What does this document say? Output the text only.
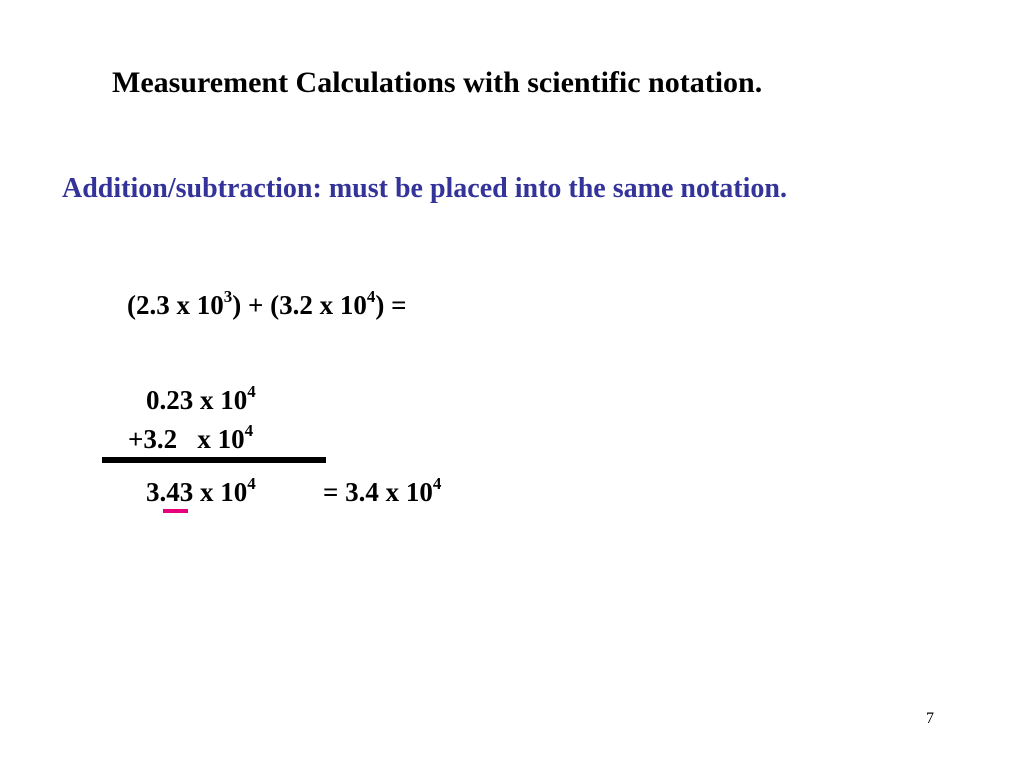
Measurement Calculations with scientific notation.
Addition/subtraction: must be placed into the same notation.
(2.3 x $10^3) + (3.2$ x $10^4$) =
0.23 x $10^4$
+3.2   x $10^4$
3.43 x $10^4 = 3.4$ x $10^4$
7
